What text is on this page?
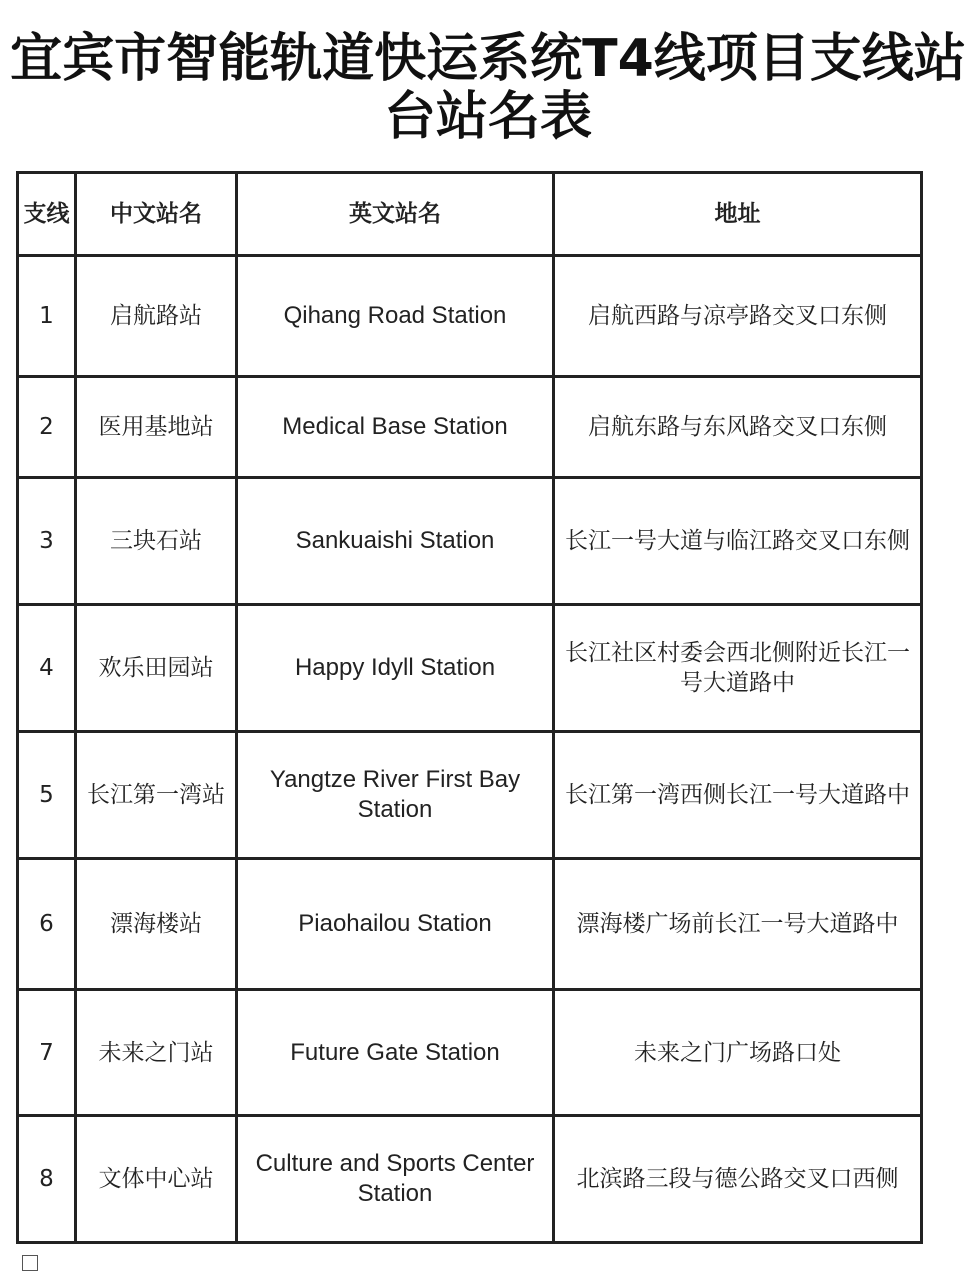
宜宾市智能轨道快运系统T4线项目支线站
台站名表
支线	中文站名	英文站名	地址
1	启航路站	Qihang Road Station	启航西路与凉亭路交叉口东侧
2	医用基地站	Medical Base Station	启航东路与东风路交叉口东侧
3	三块石站	Sankuaishi Station	长江一号大道与临江路交叉口东侧
4	欢乐田园站	Happy Idyll Station	长江社区村委会西北侧附近长江一号大道路中
5	长江第一湾站	Yangtze River First Bay Station	长江第一湾西侧长江一号大道路中
6	漂海楼站	Piaohailou Station	漂海楼广场前长江一号大道路中
7	未来之门站	Future Gate Station	未来之门广场路口处
8	文体中心站	Culture and Sports Center Station	北滨路三段与德公路交叉口西侧
